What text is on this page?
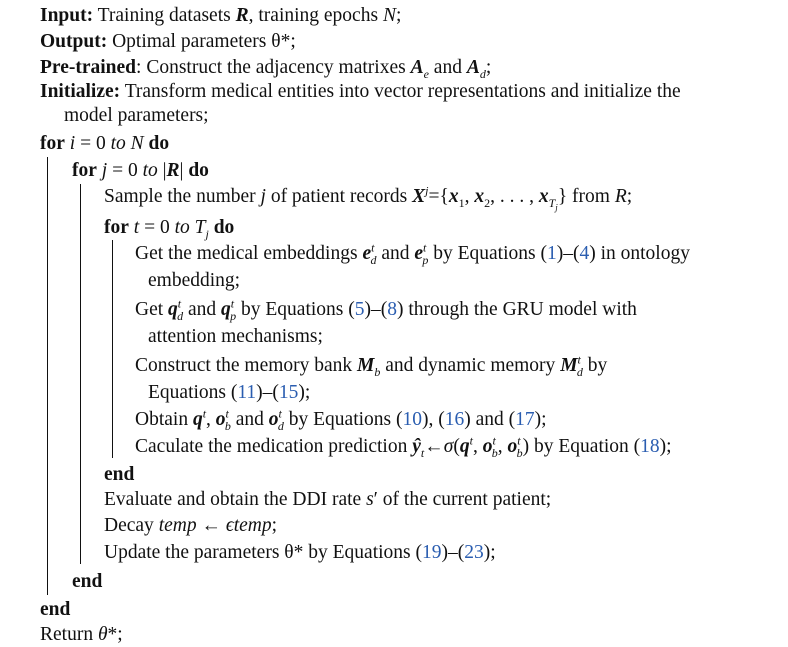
Input: Training datasets R, training epochs N;
Output: Optimal parameters θ*;
Pre-trained: Construct the adjacency matrixes $A_e$ and $A_d$;
Initialize: Transform medical entities into vector representations and initialize the
model parameters;
for i = 0 to N do
for j = 0 to |R| do
Sample the number j of patient records $X^j=\{x_1$, $x_2$, . . . , $x_{T_j}$} from R;
for t = 0 to $T_j$ do
Get the medical embeddings $e^t_d$ and $e^t_p$ by Equations (1)–(4) in ontology
embedding;
Get $q^t_d$ and $q^t_p$ by Equations (5)–(8) through the GRU model with
attention mechanisms;
Construct the memory bank $M_b$ and dynamic memory $M^t_d$ by
Equations (11)–(15);
Obtain $q^t$, $o^t_b$ and $o^t_d$ by Equations (10), (16) and (17);
Caculate the medication prediction $ŷ_t\leftarrow\sigma(q^t$, $o^t_b$, $o^t_b$) by Equation (18);
end
Evaluate and obtain the DDI rate s′ of the current patient;
Decay temp ← ϵtemp;
Update the parameters θ* by Equations (19)–(23);
end
end
Return θ*;
